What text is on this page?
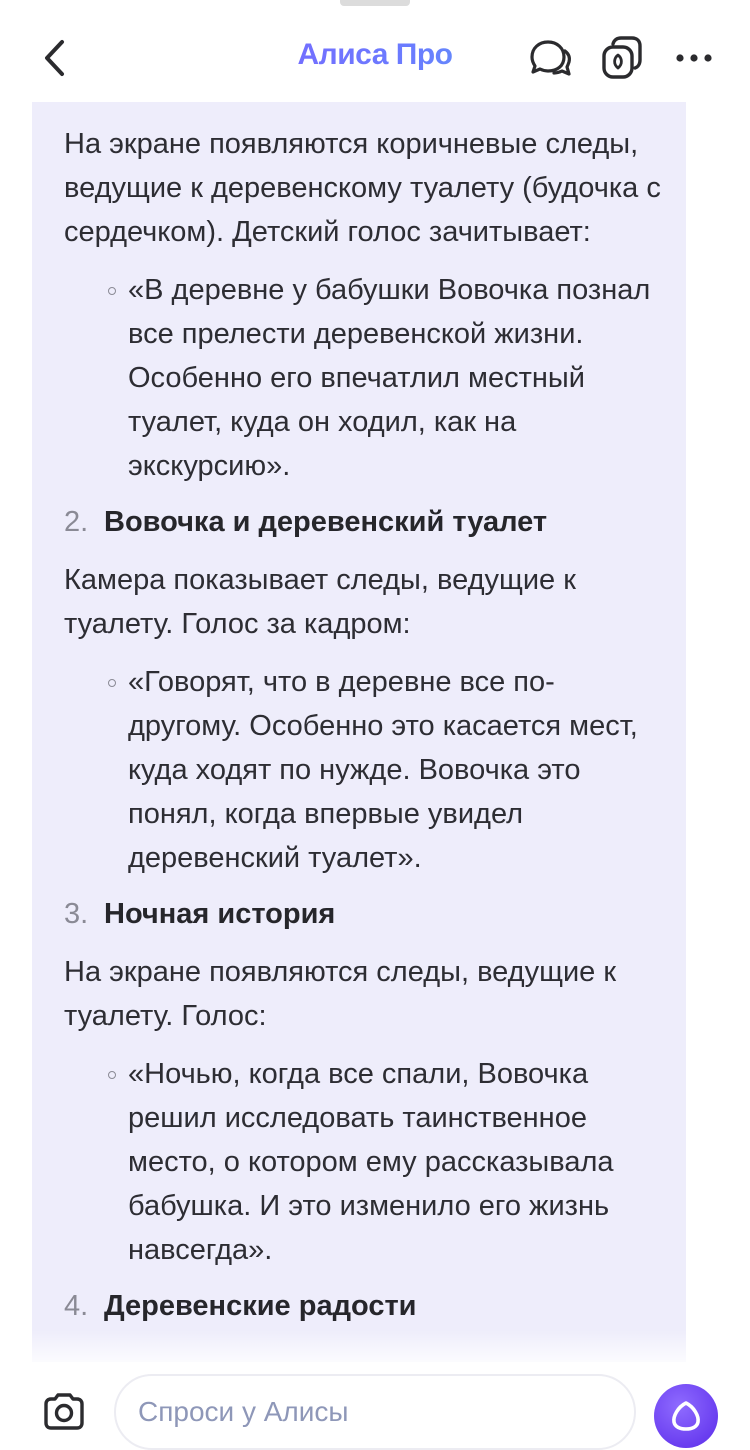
Алиса Про

На экране появляются коричневые следы, ведущие к деревенскому туалету (будочка с сердечком). Детский голос зачитывает:

«В деревне у бабушки Вовочка познал все прелести деревенской жизни. Особенно его впечатлил местный туалет, куда он ходил, как на экскурсию».
2. Вовочка и деревенский туалет

Камера показывает следы, ведущие к туалету. Голос за кадром:

«Говорят, что в деревне все по-другому. Особенно это касается мест, куда ходят по нужде. Вовочка это понял, когда впервые увидел деревенский туалет».
3. Ночная история

На экране появляются следы, ведущие к туалету. Голос:

«Ночью, когда все спали, Вовочка решил исследовать таинственное место, о котором ему рассказывала бабушка. И это изменило его жизнь навсегда».
4. Деревенские радости
Спроси у Алисы
